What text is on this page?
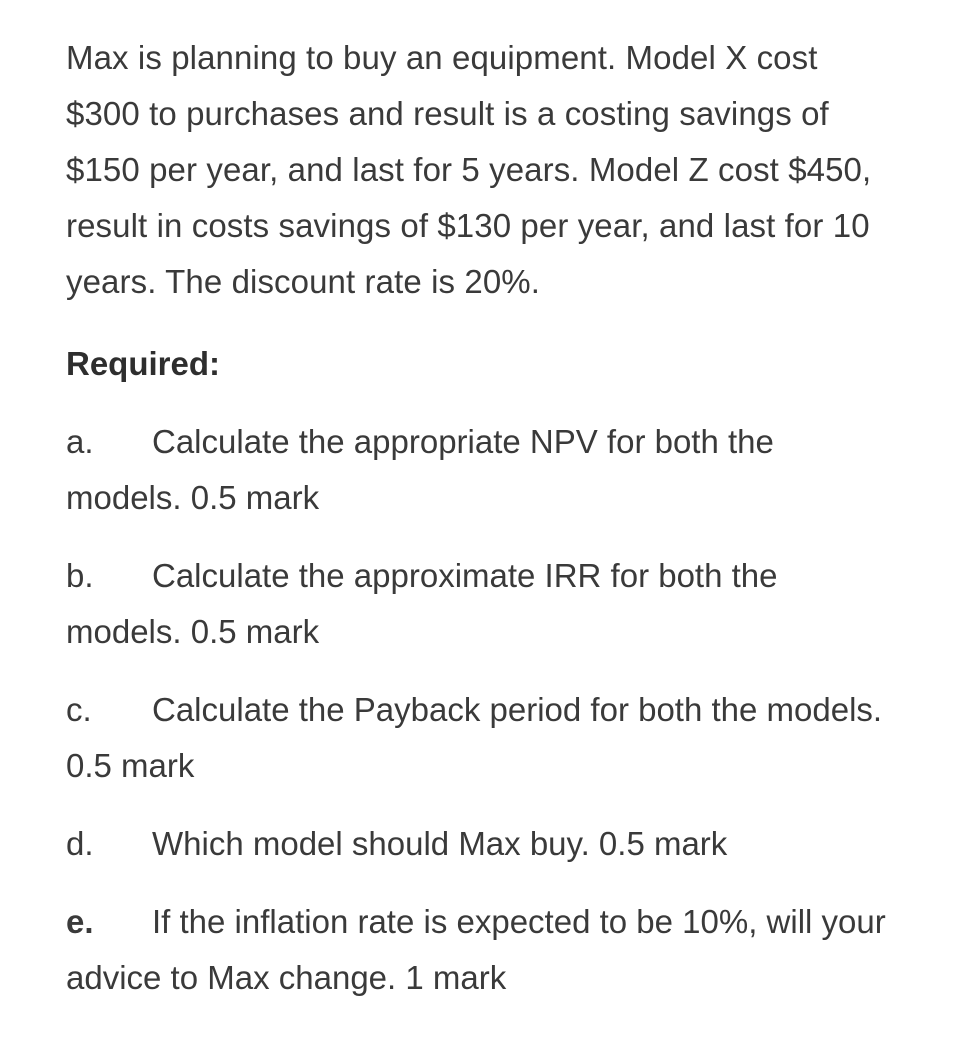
Max is planning to buy an equipment. Model X cost $300 to purchases and result is a costing savings of $150 per year, and last for 5 years. Model Z cost $450, result in costs savings of $130 per year, and last for 10 years. The discount rate is 20%.

Required:

a. Calculate the appropriate NPV for both the models. 0.5 mark

b. Calculate the approximate IRR for both the models. 0.5 mark

c. Calculate the Payback period for both the models. 0.5 mark

d. Which model should Max buy. 0.5 mark

e. If the inflation rate is expected to be 10%, will your advice to Max change. 1 mark
